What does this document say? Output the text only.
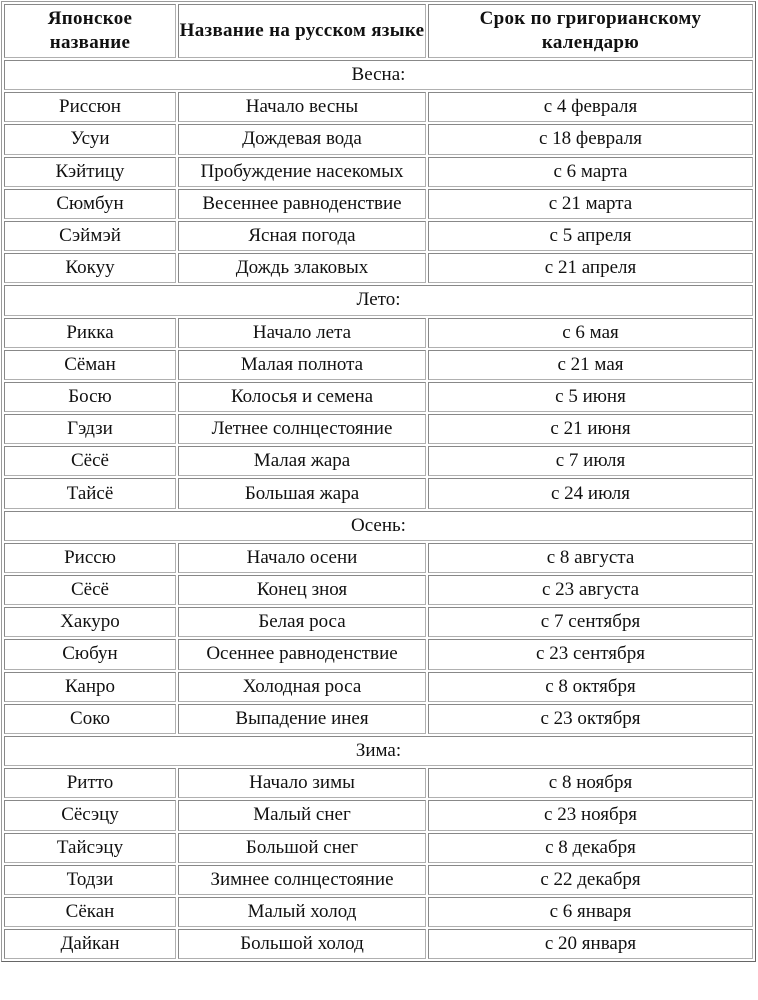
Японское название	Название на русском языке	Срок по григорианскому календарю
Весна:		
Риссюн	Начало весны	с 4 февраля
Усуи	Дождевая вода	с 18 февраля
Кэйтицу	Пробуждение насекомых	с 6 марта
Сюмбун	Весеннее равноденствие	с 21 марта
Сэймэй	Ясная погода	с 5 апреля
Кокуу	Дождь злаковых	с 21 апреля
Лето:		
Рикка	Начало лета	с 6 мая
Сёман	Малая полнота	с 21 мая
Босю	Колосья и семена	с 5 июня
Гэдзи	Летнее солнцестояние	с 21 июня
Сёсё	Малая жара	с 7 июля
Тайсё	Большая жара	с 24 июля
Осень:		
Риссю	Начало осени	с 8 августа
Сёсё	Конец зноя	с 23 августа
Хакуро	Белая роса	с 7 сентября
Сюбун	Осеннее равноденствие	с 23 сентября
Канро	Холодная роса	с 8 октября
Соко	Выпадение инея	с 23 октября
Зима:		
Ритто	Начало зимы	с 8 ноября
Сёсэцу	Малый снег	с 23 ноября
Тайсэцу	Большой снег	с 8 декабря
Тодзи	Зимнее солнцестояние	с 22 декабря
Сёкан	Малый холод	с 6 января
Дайкан	Большой холод	с 20 января
